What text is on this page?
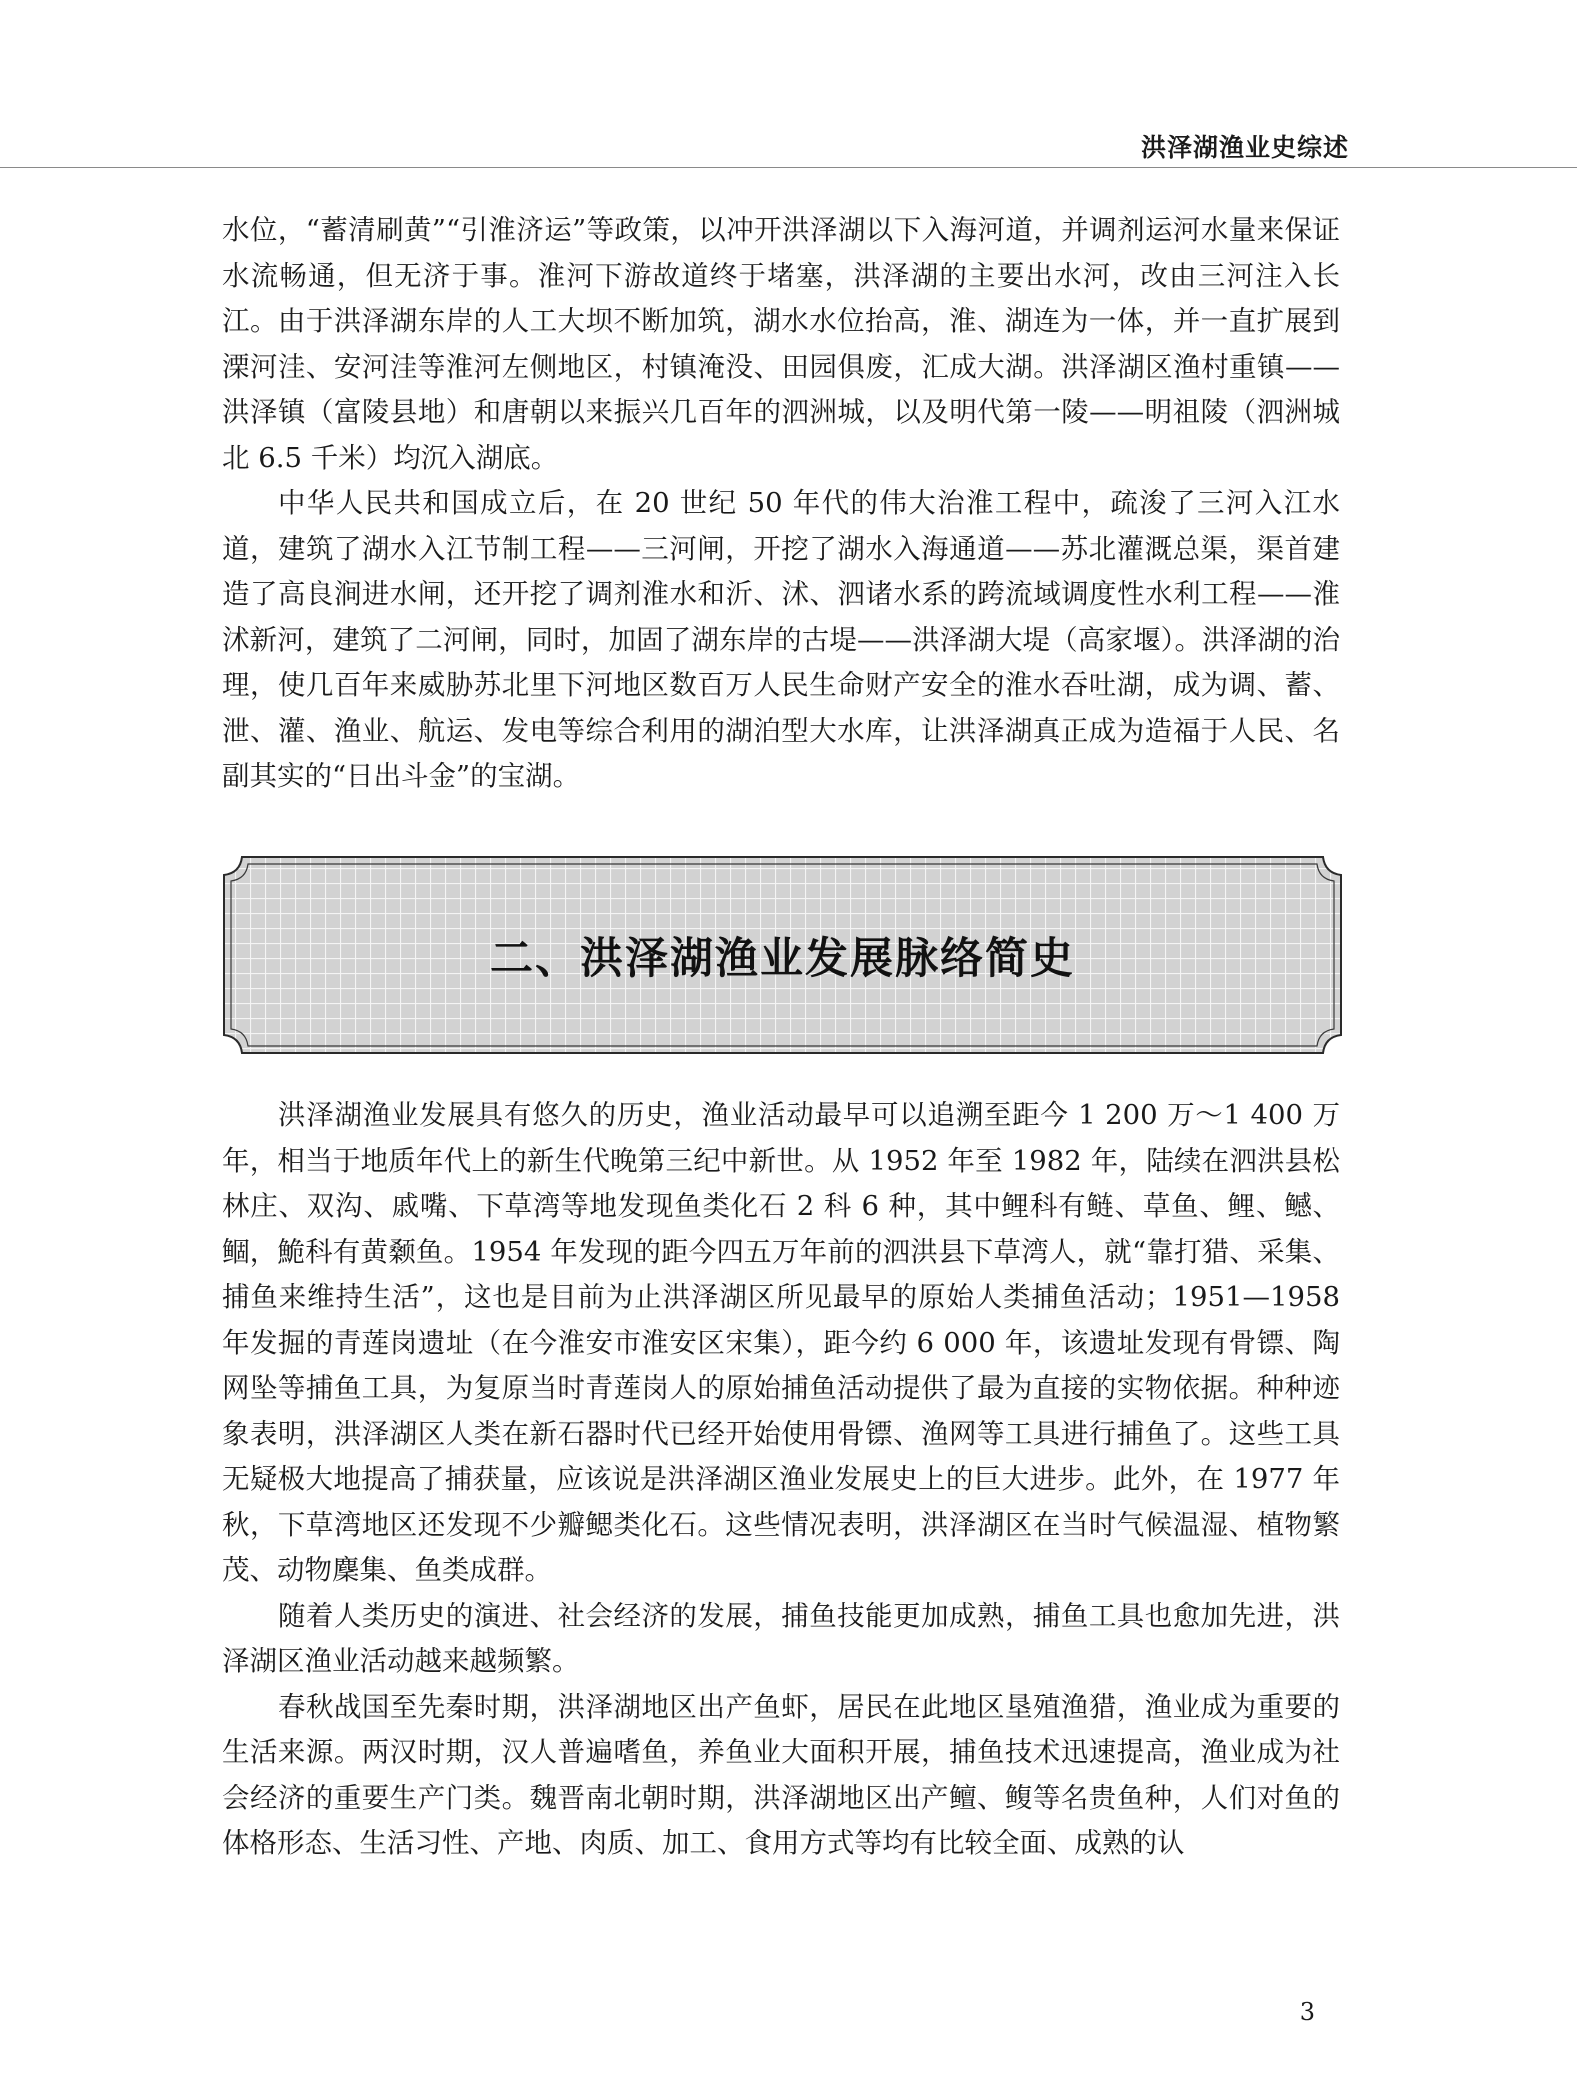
洪泽湖渔业史综述

水位，“蓄清刷黄”“引淮济运”等政策，以冲开洪泽湖以下入海河道，并调剂运河水量来保证水流畅通，但无济于事。淮河下游故道终于堵塞，洪泽湖的主要出水河，改由三河注入长江。由于洪泽湖东岸的人工大坝不断加筑，湖水水位抬高，淮、湖连为一体，并一直扩展到溧河洼、安河洼等淮河左侧地区，村镇淹没、田园俱废，汇成大湖。洪泽湖区渔村重镇——洪泽镇（富陵县地）和唐朝以来振兴几百年的泗洲城，以及明代第一陵——明祖陵（泗洲城北 6.5 千米）均沉入湖底。

中华人民共和国成立后，在 20 世纪 50 年代的伟大治淮工程中，疏浚了三河入江水道，建筑了湖水入江节制工程——三河闸，开挖了湖水入海通道——苏北灌溉总渠，渠首建造了高良涧进水闸，还开挖了调剂淮水和沂、沭、泗诸水系的跨流域调度性水利工程——淮沭新河，建筑了二河闸，同时，加固了湖东岸的古堤——洪泽湖大堤（高家堰）。洪泽湖的治理，使几百年来威胁苏北里下河地区数百万人民生命财产安全的淮水吞吐湖，成为调、蓄、泄、灌、渔业、航运、发电等综合利用的湖泊型大水库，让洪泽湖真正成为造福于人民、名副其实的“日出斗金”的宝湖。

二、洪泽湖渔业发展脉络简史

洪泽湖渔业发展具有悠久的历史，渔业活动最早可以追溯至距今 1 200 万～1 400 万年，相当于地质年代上的新生代晚第三纪中新世。从 1952 年至 1982 年，陆续在泗洪县松林庄、双沟、戚嘴、下草湾等地发现鱼类化石 2 科 6 种，其中鲤科有鲢、草鱼、鲤、鳡、鲴，鮠科有黄颡鱼。1954 年发现的距今四五万年前的泗洪县下草湾人，就“靠打猎、采集、捕鱼来维持生活”，这也是目前为止洪泽湖区所见最早的原始人类捕鱼活动；1951—1958 年发掘的青莲岗遗址（在今淮安市淮安区宋集），距今约 6 000 年，该遗址发现有骨镖、陶网坠等捕鱼工具，为复原当时青莲岗人的原始捕鱼活动提供了最为直接的实物依据。种种迹象表明，洪泽湖区人类在新石器时代已经开始使用骨镖、渔网等工具进行捕鱼了。这些工具无疑极大地提高了捕获量，应该说是洪泽湖区渔业发展史上的巨大进步。此外，在 1977 年秋，下草湾地区还发现不少瓣鳃类化石。这些情况表明，洪泽湖区在当时气候温湿、植物繁茂、动物麇集、鱼类成群。

随着人类历史的演进、社会经济的发展，捕鱼技能更加成熟，捕鱼工具也愈加先进，洪泽湖区渔业活动越来越频繁。

春秋战国至先秦时期，洪泽湖地区出产鱼虾，居民在此地区垦殖渔猎，渔业成为重要的生活来源。两汉时期，汉人普遍嗜鱼，养鱼业大面积开展，捕鱼技术迅速提高，渔业成为社会经济的重要生产门类。魏晋南北朝时期，洪泽湖地区出产鳣、鳆等名贵鱼种，人们对鱼的体格形态、生活习性、产地、肉质、加工、食用方式等均有比较全面、成熟的认

3
